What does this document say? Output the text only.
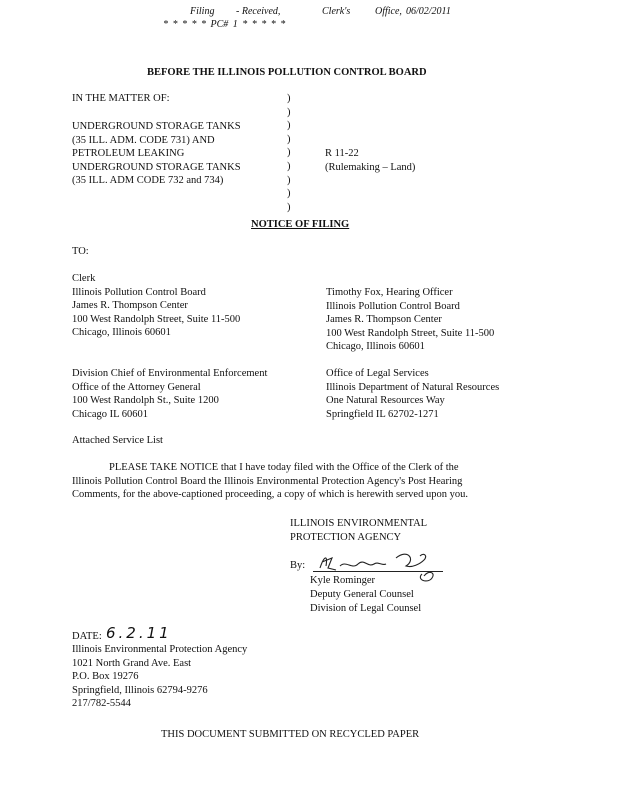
Filing - Received,	Clerk's Office, 06/02/2011
* * * * * PC# 1 * * * * *
BEFORE THE ILLINOIS POLLUTION CONTROL BOARD
IN THE MATTER OF:
UNDERGROUND STORAGE TANKS
(35 ILL. ADM. CODE 731) AND
PETROLEUM LEAKING
UNDERGROUND STORAGE TANKS
(35 ILL. ADM CODE 732 and 734)
)
)
)
)
)
)
)
)
)
R 11-22
(Rulemaking – Land)
NOTICE OF FILING
TO:
Clerk
Illinois Pollution Control Board
James R. Thompson Center
100 West Randolph Street, Suite 11-500
Chicago, Illinois 60601
Timothy Fox, Hearing Officer
Illinois Pollution Control Board
James R. Thompson Center
100 West Randolph Street, Suite 11-500
Chicago, Illinois 60601
Division Chief of Environmental Enforcement
Office of the Attorney General
100 West Randolph St., Suite 1200
Chicago IL 60601
Office of Legal Services
Illinois Department of Natural Resources
One Natural Resources Way
Springfield IL 62702-1271
Attached Service List
PLEASE TAKE NOTICE that I have today filed with the Office of the Clerk of the
Illinois Pollution Control Board the Illinois Environmental Protection Agency's Post Hearing
Comments, for the above-captioned proceeding, a copy of which is herewith served upon you.
ILLINOIS ENVIRONMENTAL
PROTECTION AGENCY
By:
Kyle Rominger
Deputy General Counsel
Division of Legal Counsel
DATE: 6.2.11
Illinois Environmental Protection Agency
1021 North Grand Ave. East
P.O. Box 19276
Springfield, Illinois 62794-9276
217/782-5544
THIS DOCUMENT SUBMITTED ON RECYCLED PAPER
